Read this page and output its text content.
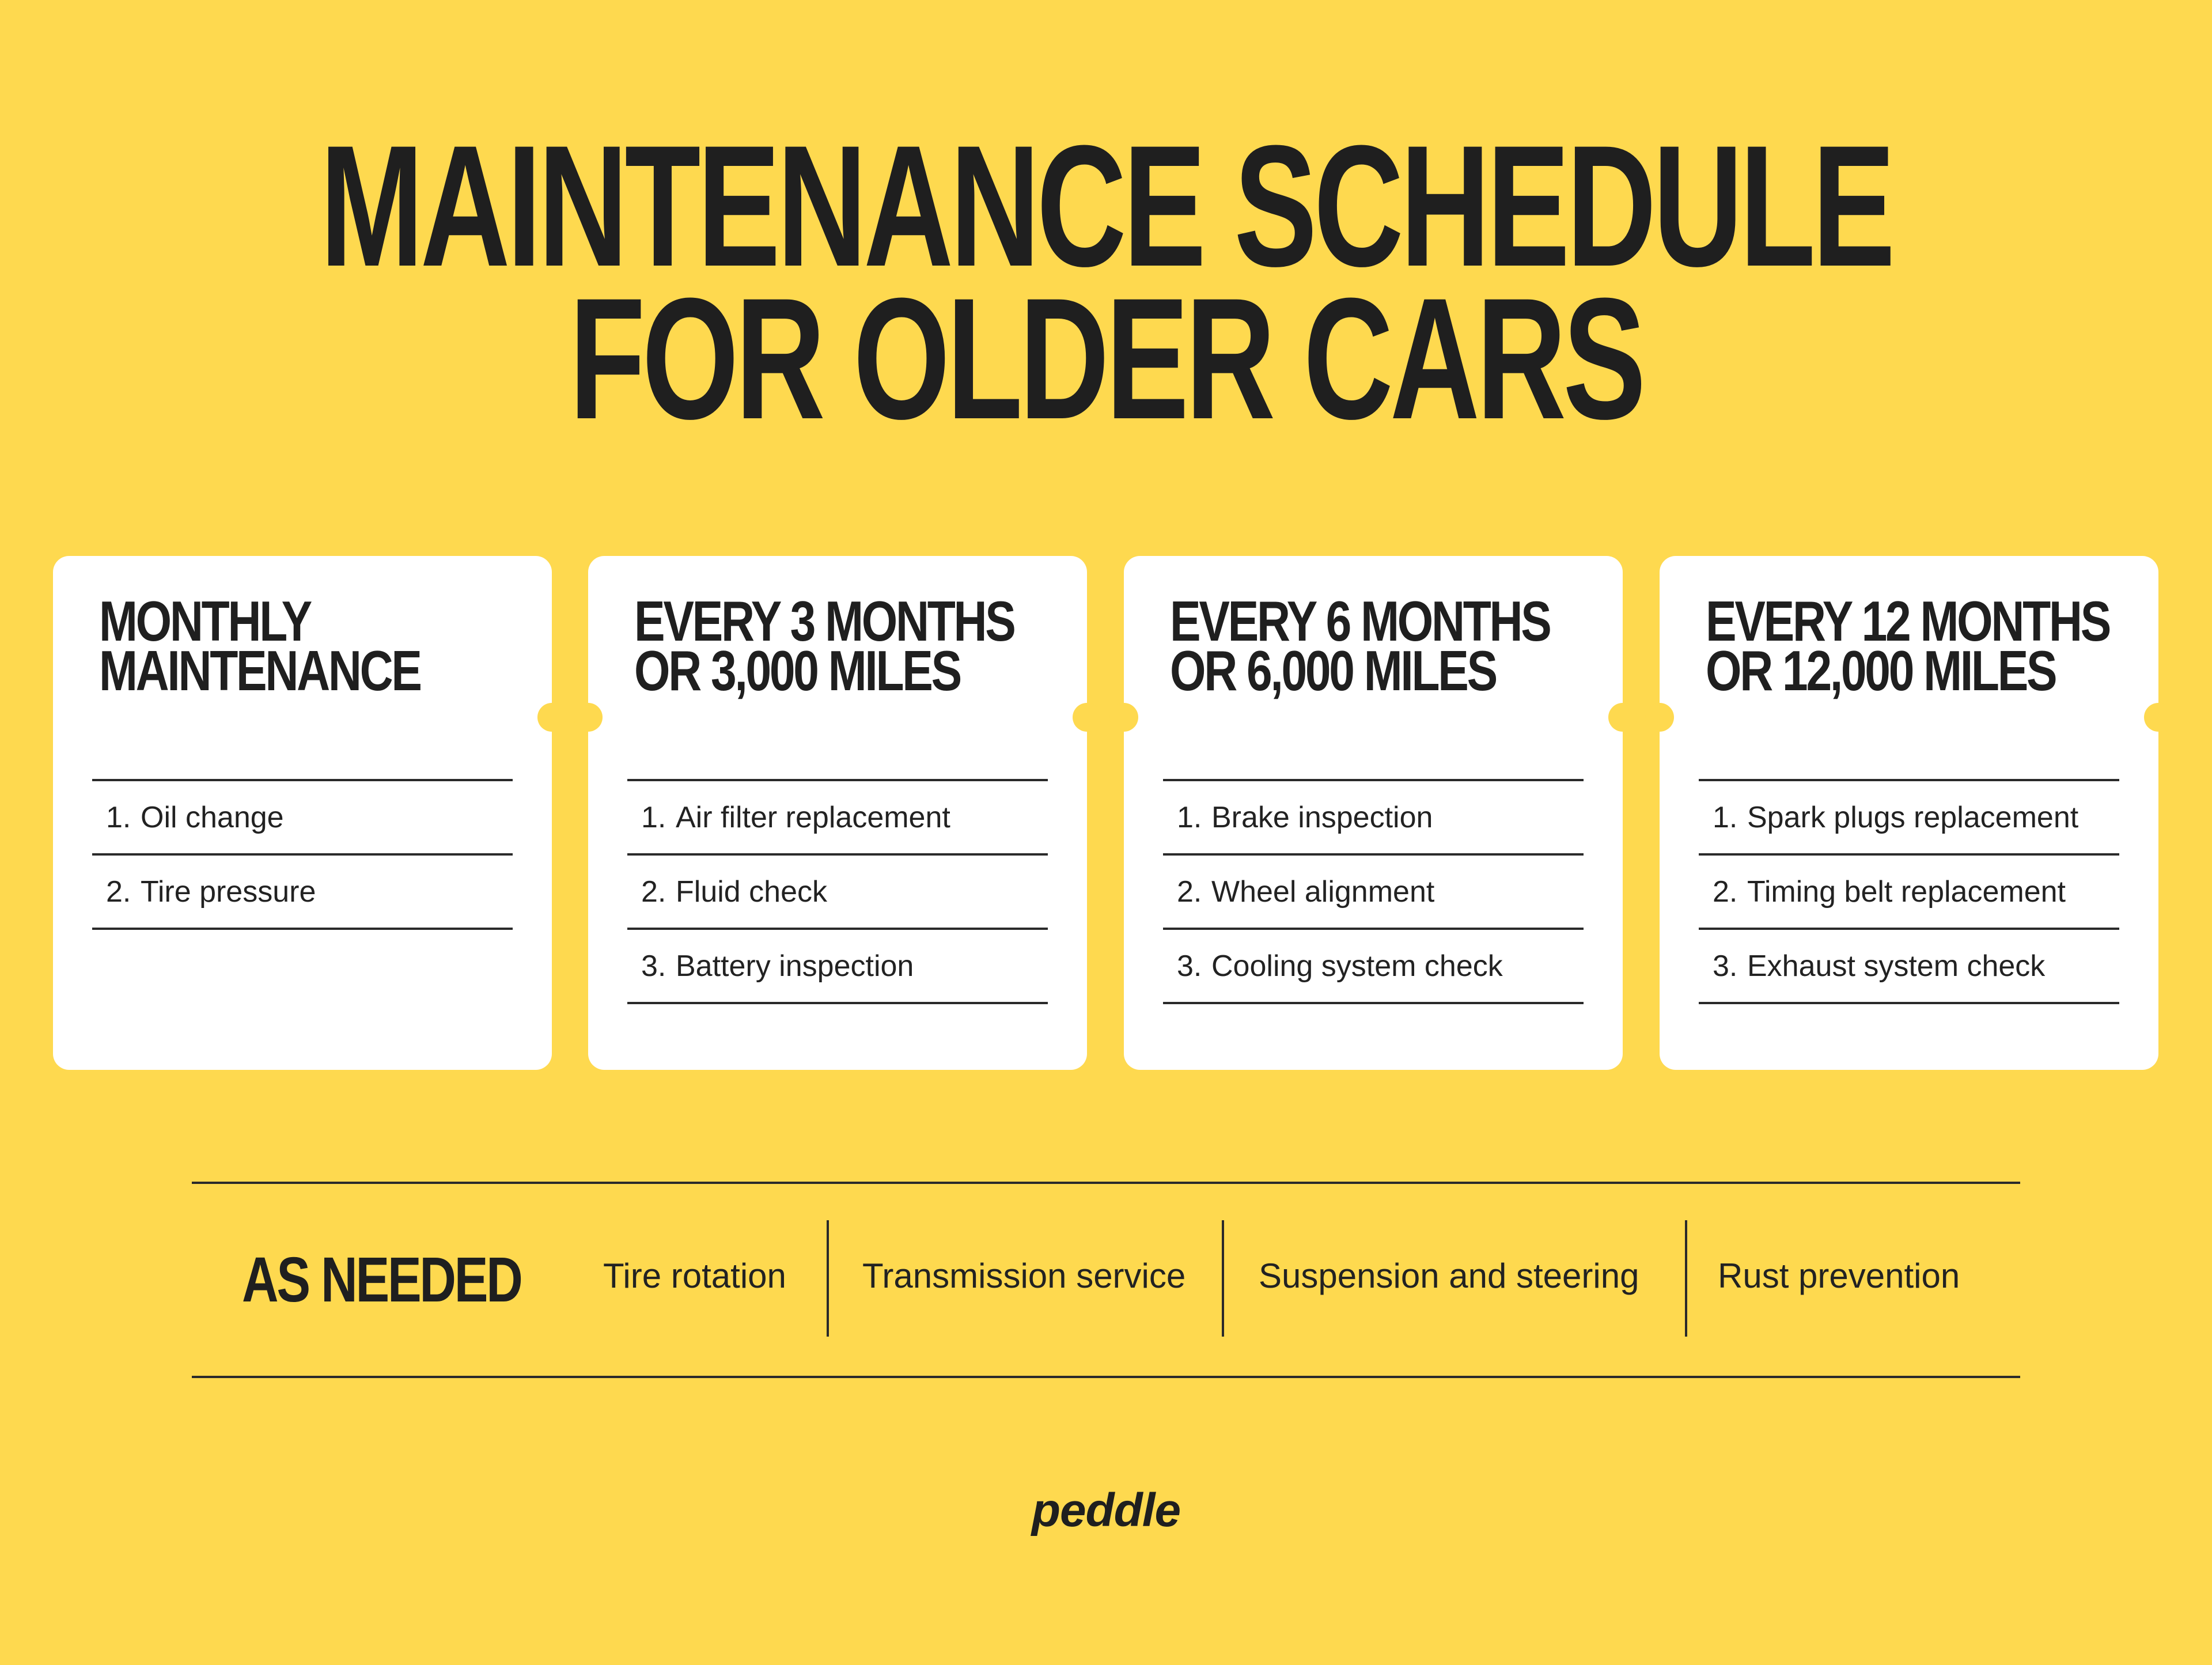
MAINTENANCE SCHEDULE
FOR OLDER CARS
MONTHLY
MAINTENANCE
1. Oil change
2. Tire pressure
EVERY 3 MONTHS
OR 3,000 MILES
1. Air filter replacement
2. Fluid check
3. Battery inspection
EVERY 6 MONTHS
OR 6,000 MILES
1. Brake inspection
2. Wheel alignment
3. Cooling system check
EVERY 12 MONTHS
OR 12,000 MILES
1. Spark plugs replacement
2. Timing belt replacement
3. Exhaust system check
AS NEEDED Tire rotation Transmission service Suspension and steering Rust prevention
peddle
